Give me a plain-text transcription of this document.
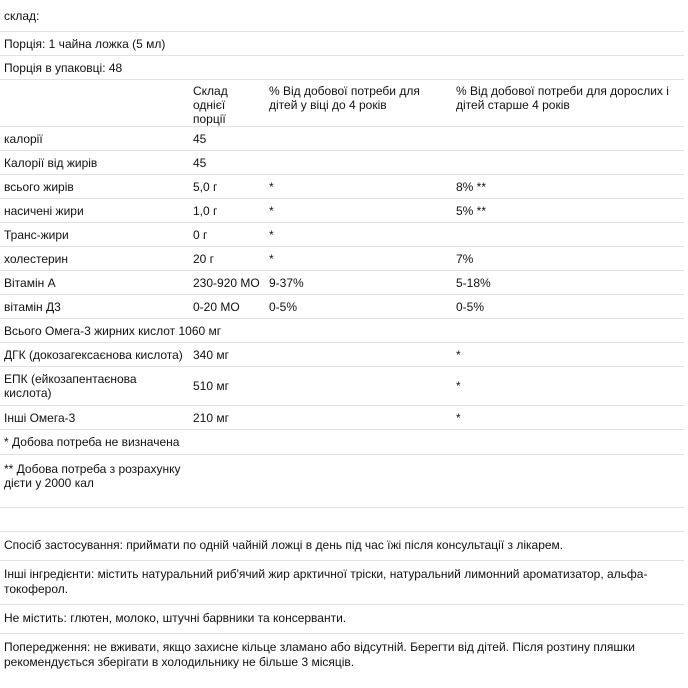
склад:
Порція: 1 чайна ложка (5 мл)			
Порція в упаковці: 48			
	Склад однієї порції	% Від добової потреби для дітей у віці до 4 років	% Від добової потреби для дорослих і дітей старше 4 років
калорії	45		
Калорії від жирів	45		
всього жирів	5,0 г	*	8% **
насичені жири	1,0 г	*	5% **
Транс-жири	0 г	*	
холестерин	20 г	*	7%
Вітамін А	230-920 МО	9-37%	5-18%
вітамін Д3	0-20 МО	0-5%	0-5%
Всього Омега-3 жирних кислот 1060 мг			
ДГК (докозагексаєнова кислота)	340 мг		*
ЕПК (ейкозапентаєнова кислота)	510 мг		*
Інші Омега-3	210 мг		*
* Добова потреба не визначена			
** Добова потреба з розрахунку дієти у 2000 кал			

Спосіб застосування: приймати по одній чайній ложці в день під час їжі після консультації з лікарем.

Інші інгредієнти: містить натуральний риб'ячий жир арктичної тріски, натуральний лимонний ароматизатор, альфа-токоферол.

Не містить: глютен, молоко, штучні барвники та консерванти.

Попередження: не вживати, якщо захисне кільце зламано або відсутній. Берегти від дітей. Після розтину пляшки рекомендується зберігати в холодильнику не більше 3 місяців.
